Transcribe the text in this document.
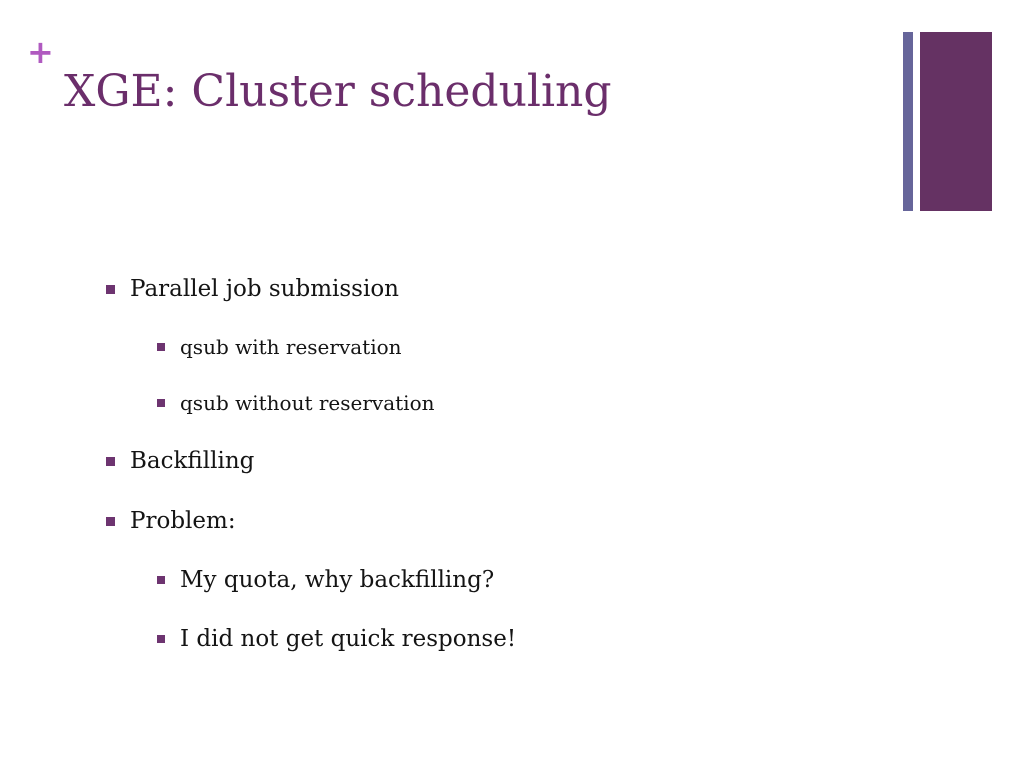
+
XGE: Cluster scheduling
Parallel job submission
qsub with reservation
qsub without reservation
Backfilling
Problem:
My quota, why backfilling?
I did not get quick response!
